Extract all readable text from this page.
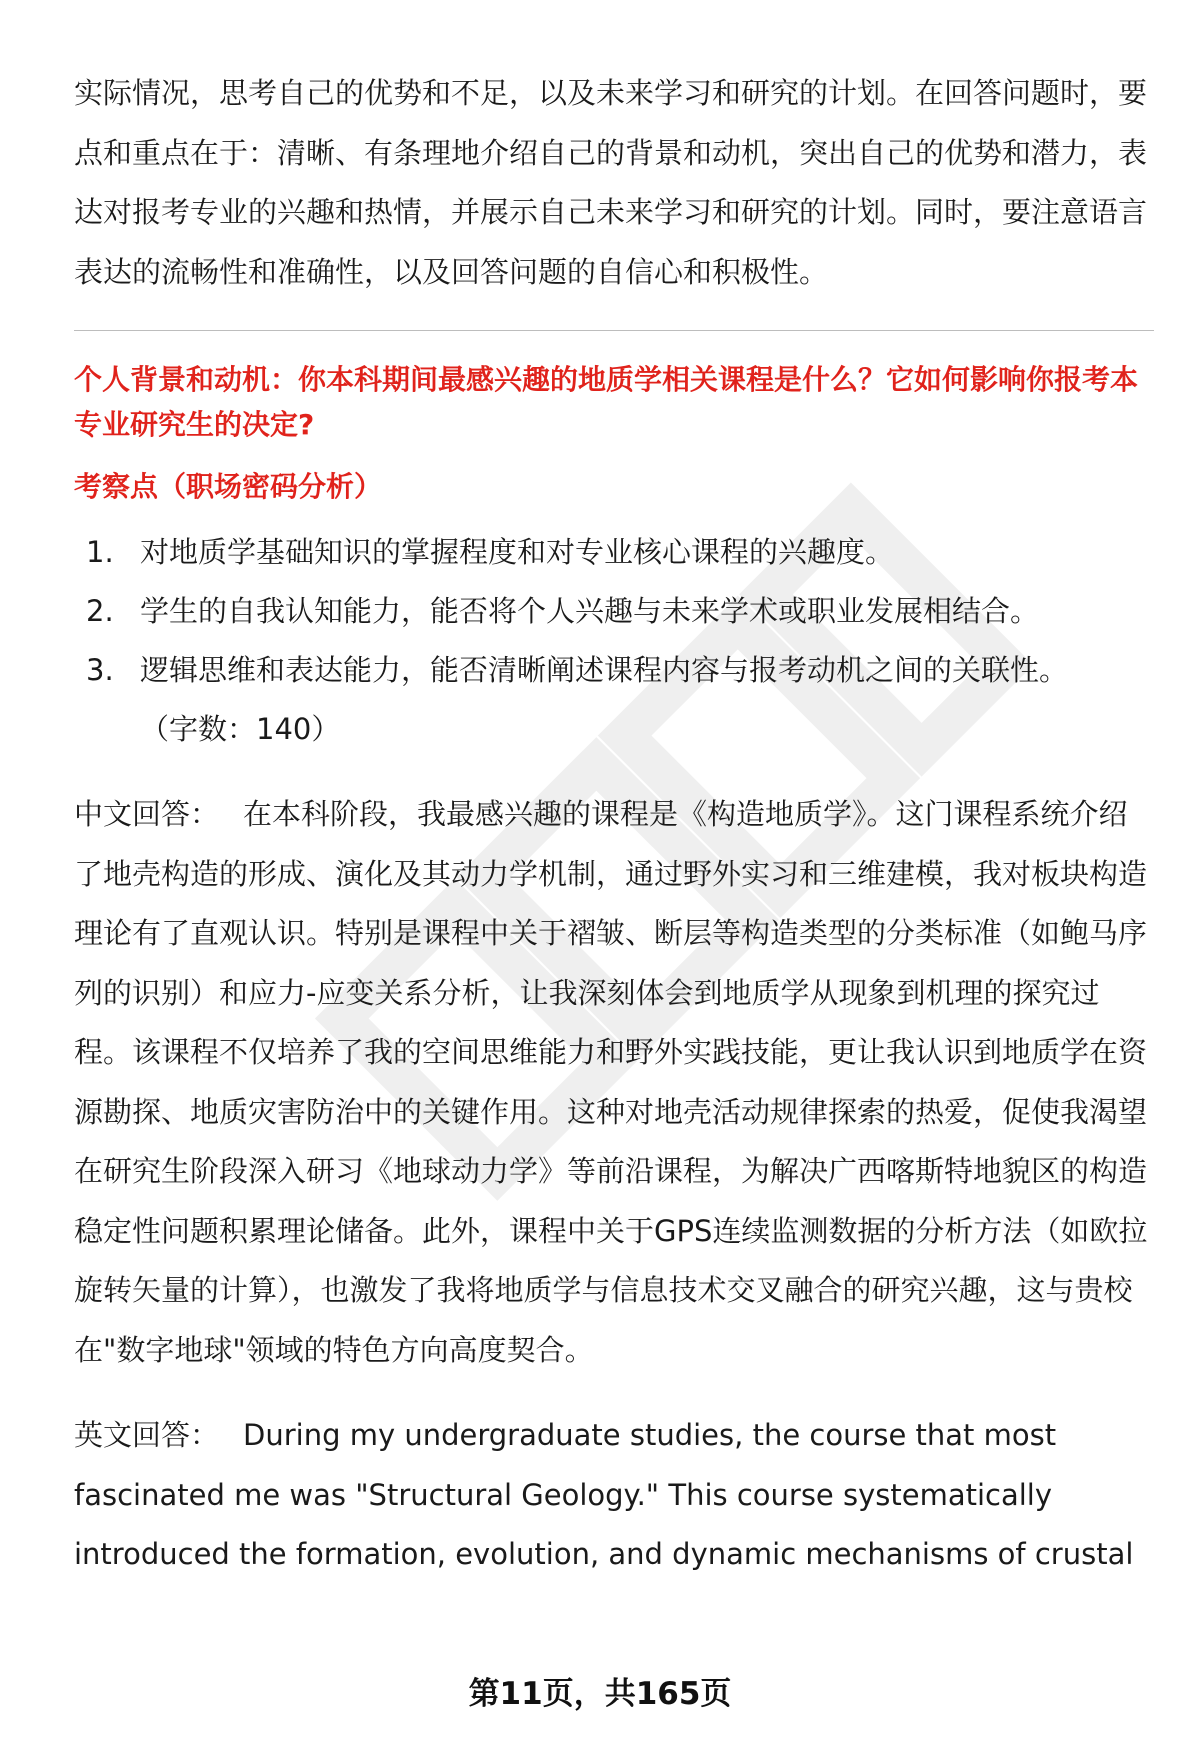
实际情况，思考自己的优势和不足，以及未来学习和研究的计划。在回答问题时，要点和重点在于：清晰、有条理地介绍自己的背景和动机，突出自己的优势和潜力，表达对报考专业的兴趣和热情，并展示自己未来学习和研究的计划。同时，要注意语言表达的流畅性和准确性，以及回答问题的自信心和积极性。

个人背景和动机：你本科期间最感兴趣的地质学相关课程是什么？它如何影响你报考本专业研究生的决定?

考察点（职场密码分析）

1. 对地质学基础知识的掌握程度和对专业核心课程的兴趣度。
2. 学生的自我认知能力，能否将个人兴趣与未来学术或职业发展相结合。
3. 逻辑思维和表达能力，能否清晰阐述课程内容与报考动机之间的关联性。

（字数：140）

中文回答： 在本科阶段，我最感兴趣的课程是《构造地质学》。这门课程系统介绍了地壳构造的形成、演化及其动力学机制，通过野外实习和三维建模，我对板块构造理论有了直观认识。特别是课程中关于褶皱、断层等构造类型的分类标准（如鲍马序列的识别）和应力-应变关系分析，让我深刻体会到地质学从现象到机理的探究过程。该课程不仅培养了我的空间思维能力和野外实践技能，更让我认识到地质学在资源勘探、地质灾害防治中的关键作用。这种对地壳活动规律探索的热爱，促使我渴望在研究生阶段深入研习《地球动力学》等前沿课程，为解决广西喀斯特地貌区的构造稳定性问题积累理论储备。此外，课程中关于GPS连续监测数据的分析方法（如欧拉旋转矢量的计算），也激发了我将地质学与信息技术交叉融合的研究兴趣，这与贵校在"数字地球"领域的特色方向高度契合。

英文回答： During my undergraduate studies, the course that most fascinated me was "Structural Geology." This course systematically introduced the formation, evolution, and dynamic mechanisms of crustal

第11页，共165页
